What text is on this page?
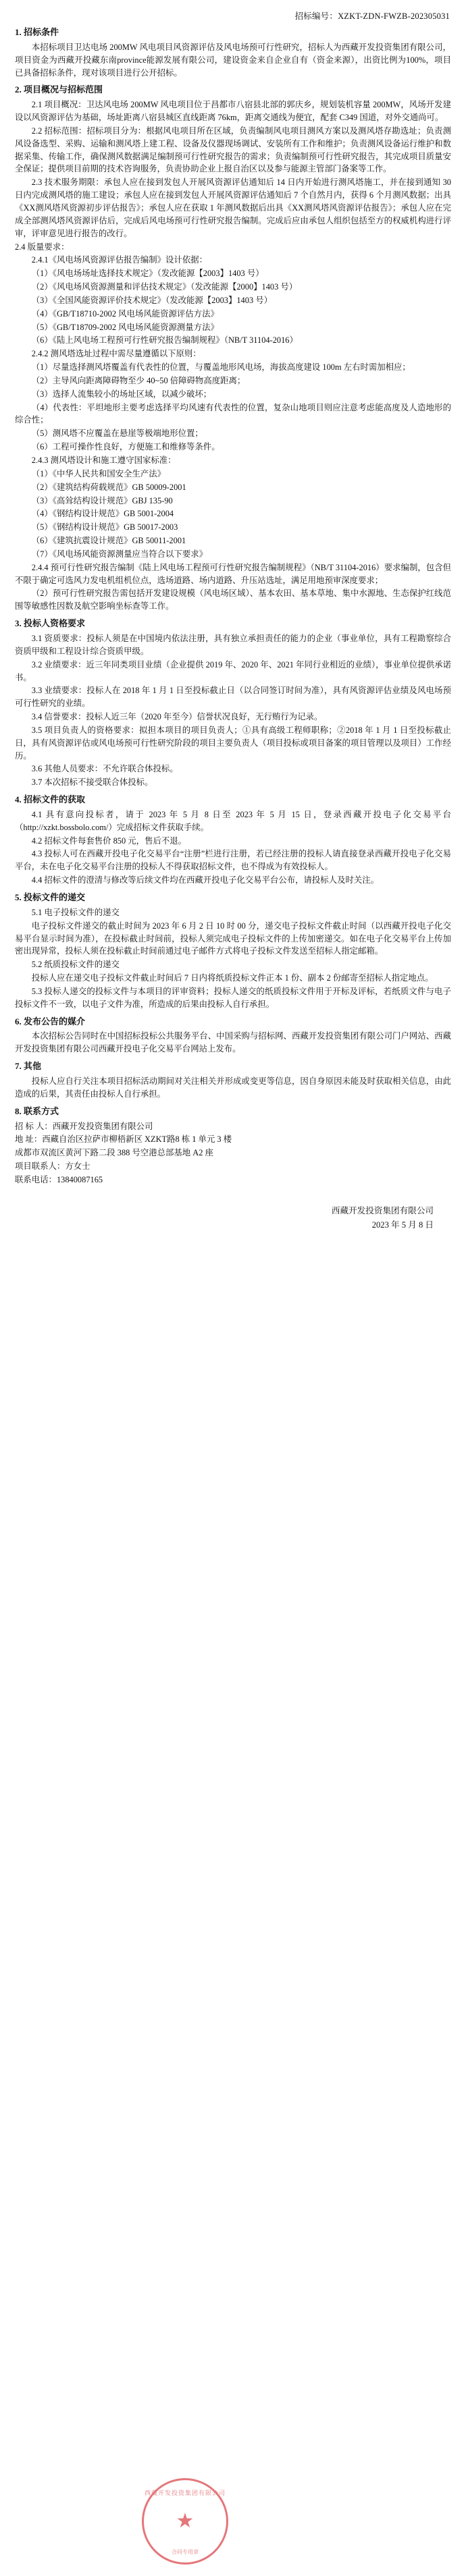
招标编号：XZKT-ZDN-FWZB-202305031
1. 招标条件

本招标项目卫达电场 200MW 风电项目风资源评估及风电场预可行性研究，招标人为西藏开发投资集团有限公司，项目资金为西藏开投藏东南province能源发展有限公司，建设资金来自企业自有（资金来源），出资比例为100%，项目已具备招标条件，现对该项目进行公开招标。

2. 项目概况与招标范围

2.1 项目概况：卫达风电场 200MW 风电项目位于昌都市八宿县北部的郭庆乡，规划装机容量 200MW，风场开发建设以风资源评估为基础，场址距离八宿县城区直线距离 76km，距离交通线为便宜，配套 C349 国道，对外交通尚可。

2.2 招标范围：招标项目分为：根据风电项目所在区域，负责编制风电项目测风方案以及测风塔存勘选址；负责测风设备选型、采购、运输和测风塔上建工程、设备及仪器现场调试、安装所有工作和维护；负责测风设备运行维护和数据采集、传输工作，确保测风数据满足编制预可行性研究报告的需求；负责编制预可行性研究报告，其完成项目质量安全保证；提供项目前期的技术咨询服务，负责协助企业上报自治区以及参与能源主管部门备案等工作。

2.3 技术服务期限：承包人应在接到发包人开展风资源评估通知后 14 日内开始进行测风塔施工，并在接到通知 30 日内完成测风塔的施工建设；承包人应在接到发包人开展风资源评估通知后 7 个自然月内，获得 6 个月测风数据；出具《XX测风塔风资源初步评估报告》；承包人应在获取 1 年测风数据后出具《XX测风塔风资源评估报告》；承包人应在完成全部测风塔风资源评估后，完成后风电场预可行性研究报告编制。完成后应由承包人组织包括至方的权威机构进行评审，评审意见进行报告的改行。

2.4 版量要求：

2.4.1《风电场风资源评估报告编制》设计依据：

（1）《风电场场址选择技术规定》（发改能源【2003】1403 号）

（2）《风电场风资源测量和评估技术规定》（发改能源【2000】1403 号）

（3）《全国风能资源评价技术规定》（发改能源【2003】1403 号）

（4）《GB/T18710-2002 风电场风能资源评估方法》

（5）《GB/T18709-2002 风电场风能资源测量方法》

（6）《陆上风电场工程预可行性研究报告编制规程》（NB/T 31104-2016）

2.4.2 测风塔选址过程中需尽量遵循以下原则：

（1）尽量选择测风塔覆盖有代表性的位置，与覆盖地形风电场，海拔高度建设 100m 左右时需加相应；

（2）主导风向距离障碍物至少 40~50 倍障碍物高度距离；

（3）选择人流集较小的场址区域，以减少破坏；

（4）代表性：平坦地形主要考虑选择平均风速有代表性的位置，复杂山地项目则应注意考虑能高度及人造地形的综合性；

（5）测风塔不应覆盖在悬崖等极端地形位置；

（6）工程可操作性良好，方便施工和维修等条件。

2.4.3 测风塔设计和施工遵守国家标准：

（1）《中华人民共和国安全生产法》

（2）《建筑结构荷载规范》GB 50009-2001

（3）《高耸结构设计规范》GBJ 135-90

（4）《钢结构设计规范》GB 5001-2004

（5）《钢结构设计规范》GB 50017-2003

（6）《建筑抗震设计规范》GB 50011-2001

（7）《风电场风能资源测量应当符合以下要求》

2.4.4 预可行性研究报告编制《陆上风电场工程预可行性研究报告编制规程》（NB/T 31104-2016）要求编制，包含但不限于确定可选风力发电机组机位点，选场道路、场内道路、升压站选址，满足用地预审深度要求；

（2）预可行性研究报告需包括开发建设规模（风电场区域）、基本农田、基本草地、集中水源地、生态保护红线范围等敏感性因数及航空影响坐标查等工作。

3. 投标人资格要求

3.1 资质要求：投标人须是在中国境内依法注册，具有独立承担责任的能力的企业（事业单位，具有工程勘察综合资质甲级和工程设计综合资质甲级。

3.2 业绩要求：近三年同类项目业绩（企业提供 2019 年、2020 年、2021 年同行业相近的业绩），事业单位提供承诺书。

3.3 业绩要求：投标人在 2018 年 1 月 1 日至投标截止日（以合同签订时间为准），具有风资源评估业绩及风电场预可行性研究的业绩。

3.4 信誉要求：投标人近三年（2020 年至今）信誉状况良好，无行贿行为记录。

3.5 项目负责人的资格要求：拟担本项目的项目负责人；①具有高级工程师职称；②2018 年 1 月 1 日至投标截止日，具有风资源评估或风电场预可行性研究阶段的项目主要负责人（项目投标或项目备案的项目管理以及项目）工作经历。

3.6 其他人员要求：不允许联合体投标。

3.7 本次招标不接受联合体投标。

4. 招标文件的获取

4.1 具有意向投标者，请于 2023 年 5 月 8 日至 2023 年 5 月 15 日，登录西藏开投电子化交易平台（http://xzkt.bossbolo.com/）完成招标文件获取手续。

4.2 招标文件每套售价 850 元，售后不退。

4.3 投标人可在西藏开投电子化交易平台“注册”栏进行注册，若已经注册的投标人请直接登录西藏开投电子化交易平台，未在电子化交易平台注册的投标人不得获取招标文件，也不得成为有效投标人。

4.4 招标文件的澄清与修改等后续文件均在西藏开投电子化交易平台公布，请投标人及时关注。

5. 投标文件的递交

5.1 电子投标文件的递交

电子投标文件递交的截止时间为 2023 年 6 月 2 日 10 时 00 分，递交电子投标文件截止时间（以西藏开投电子化交易平台显示时间为准），在投标截止时间前，投标人须完成电子投标文件的上传加密递交。如在电子化交易平台上传加密出现异常，投标人须在投标截止时间前通过电子邮件方式将电子投标文件发送至招标人指定邮箱。

5.2 纸质投标文件的递交

投标人应在递交电子投标文件截止时间后 7 日内将纸质投标文件正本 1 份、副本 2 份邮寄至招标人指定地点。

5.3 投标人递交的投标文件与本项目的评审资料；投标人递交的纸质投标文件用于开标及评标，若纸质文件与电子投标文件不一致，以电子文件为准，所造成的后果由投标人自行承担。

6. 发布公告的媒介

本次招标公告同时在中国招标投标公共服务平台、中国采购与招标网、西藏开发投资集团有限公司门户网站、西藏开发投资集团有限公司西藏开投电子化交易平台网站上发布。

7. 其他

投标人应自行关注本项目招标活动期间对关注相关并形成或变更等信息，因自身原因未能及时获取相关信息，由此造成的后果，其责任由投标人自行承担。

8. 联系方式

招 标 人：西藏开发投资集团有限公司

地 址：西藏自治区拉萨市柳梧新区 XZKT路8 栋 1 单元 3 楼

成都市双流区黄河下路二段 388 号空港总部基地 A2 座

项目联系人：方女士

联系电话：13840087165

西藏开发投资集团有限公司
2023 年 5 月 8 日
西藏开发投资集团有限公司
★
合同专用章
